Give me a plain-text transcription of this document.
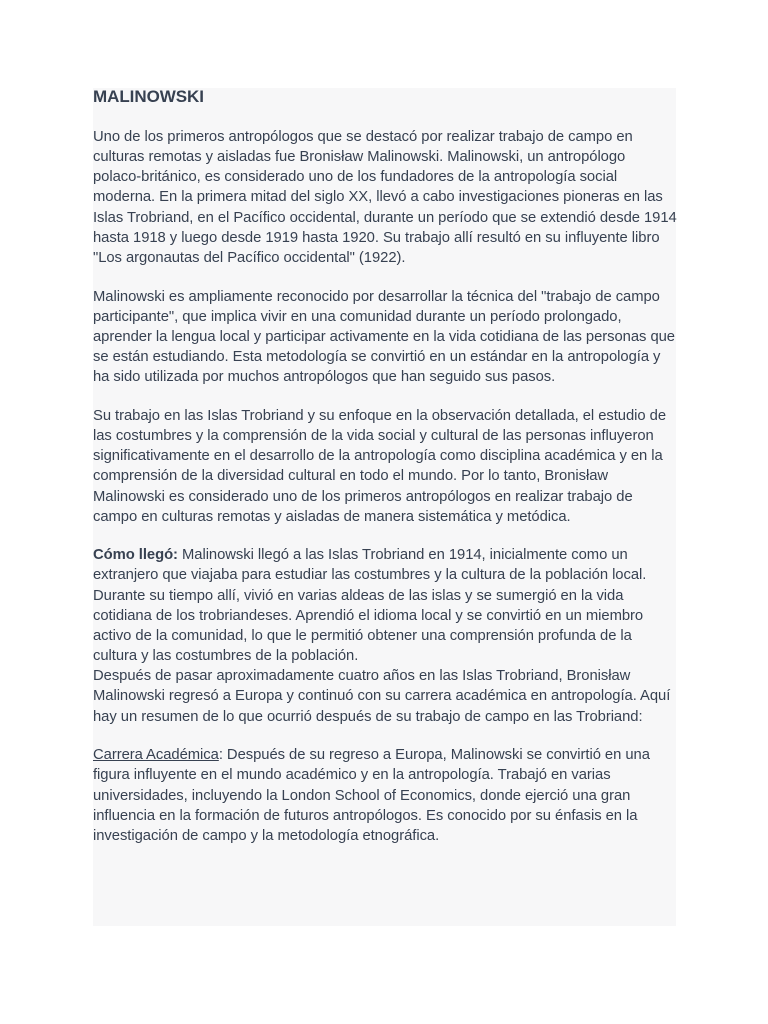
MALINOWSKI

Uno de los primeros antropólogos que se destacó por realizar trabajo de campo en culturas remotas y aisladas fue Bronisław Malinowski. Malinowski, un antropólogo polaco-británico, es considerado uno de los fundadores de la antropología social moderna. En la primera mitad del siglo XX, llevó a cabo investigaciones pioneras en las Islas Trobriand, en el Pacífico occidental, durante un período que se extendió desde 1914 hasta 1918 y luego desde 1919 hasta 1920. Su trabajo allí resultó en su influyente libro "Los argonautas del Pacífico occidental" (1922).

Malinowski es ampliamente reconocido por desarrollar la técnica del "trabajo de campo participante", que implica vivir en una comunidad durante un período prolongado, aprender la lengua local y participar activamente en la vida cotidiana de las personas que se están estudiando. Esta metodología se convirtió en un estándar en la antropología y ha sido utilizada por muchos antropólogos que han seguido sus pasos.

Su trabajo en las Islas Trobriand y su enfoque en la observación detallada, el estudio de las costumbres y la comprensión de la vida social y cultural de las personas influyeron significativamente en el desarrollo de la antropología como disciplina académica y en la comprensión de la diversidad cultural en todo el mundo. Por lo tanto, Bronisław Malinowski es considerado uno de los primeros antropólogos en realizar trabajo de campo en culturas remotas y aisladas de manera sistemática y metódica.

Cómo llegó: Malinowski llegó a las Islas Trobriand en 1914, inicialmente como un extranjero que viajaba para estudiar las costumbres y la cultura de la población local. Durante su tiempo allí, vivió en varias aldeas de las islas y se sumergió en la vida cotidiana de los trobriandeses. Aprendió el idioma local y se convirtió en un miembro activo de la comunidad, lo que le permitió obtener una comprensión profunda de la cultura y las costumbres de la población.

Después de pasar aproximadamente cuatro años en las Islas Trobriand, Bronisław Malinowski regresó a Europa y continuó con su carrera académica en antropología. Aquí hay un resumen de lo que ocurrió después de su trabajo de campo en las Trobriand:

Carrera Académica: Después de su regreso a Europa, Malinowski se convirtió en una figura influyente en el mundo académico y en la antropología. Trabajó en varias universidades, incluyendo la London School of Economics, donde ejerció una gran influencia en la formación de futuros antropólogos. Es conocido por su énfasis en la investigación de campo y la metodología etnográfica.
